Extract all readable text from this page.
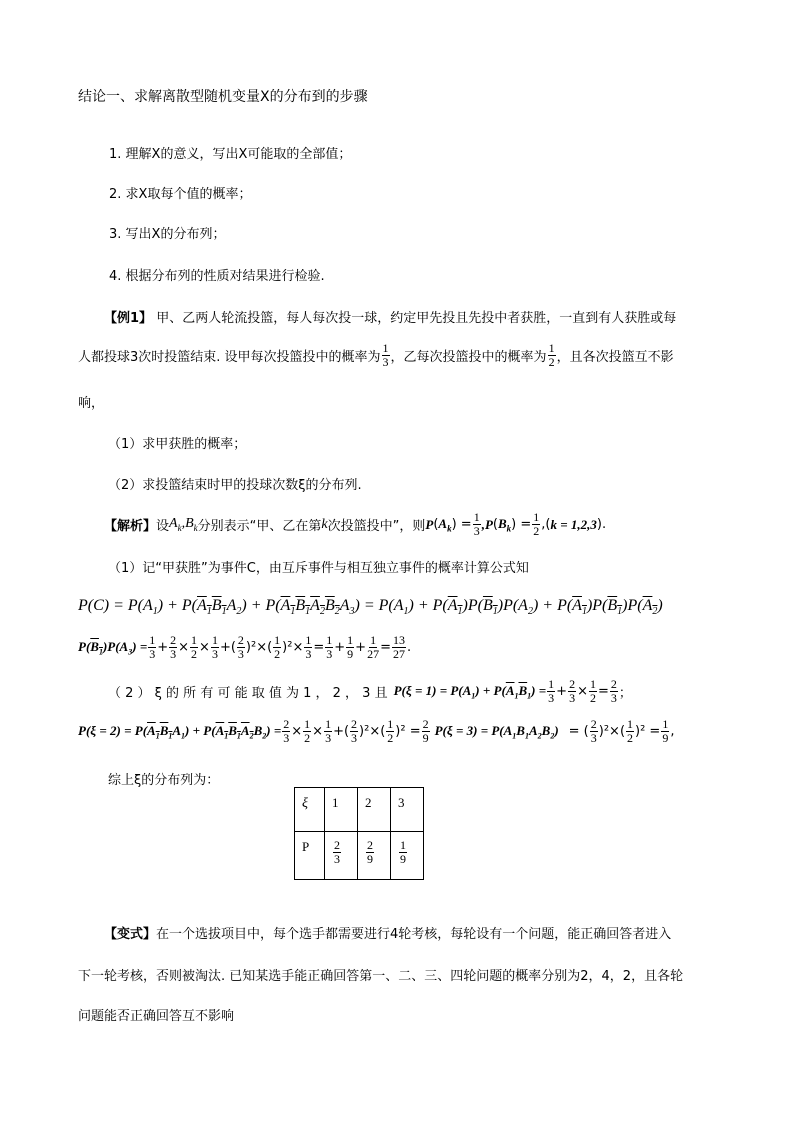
结论一、求解离散型随机变量X的分布到的步骤
1. 理解X的意义，写出X可能取的全部值；
2. 求X取每个值的概率；
3. 写出X的分布列；
4. 根据分布列的性质对结果进行检验.
【例1】 甲、乙两人轮流投篮，每人每次投一球，约定甲先投且先投中者获胜，一直到有人获胜或每
人都投球3次时投篮结束. 设甲每次投篮投中的概率为 $\frac{1}{3}$ ，乙每次投篮投中的概率为 $\frac{1}{2}$ ，且各次投篮互不影
响，
（1）求甲获胜的概率；
（2）求投篮结束时甲的投球次数ξ的分布列.
【解析】 设 $A_k,B_k$ 分别表示“甲、乙在第 k 次投篮投中”，则 P ( $A_k$ ) = $\frac{1}{3} ,P$ ( $B_k$ ) = $\frac{1}{2}$ ,( k = 1,2,3 ).
（1）记“甲获胜”为事件C，由互斥事件与相互独立事件的概率计算公式知
$P(C) = P(A_1) + P(A_1B_1A_2) + P(A_1B_1A_2B_2A_3) = P(A_1) + P(A_1)P(B_1)P(A_2) + P(A_1)P(B_1)P(A_2)$
$P(B_1)P(A_3) = \frac{1}{3} + \frac{2}{3} \times \frac{1}{2} \times \frac{1}{3}$ +( $\frac{2}{3} )^2\times( \frac{1}{2} )^2\times \frac{1}{3} = \frac{1}{3} + \frac{1}{9} + \frac{1}{27} = \frac{13}{27}$ .
（ 2 ） ξ 的 所 有 可 能 取 值 为 1 ， 2 ， 3 且 $P(\xi = 1) = P(A_1) + P(\overline{A}_1\overline{B}_1) = \frac{1}{3} + \frac{2}{3} \times \frac{1}{2} = \frac{2}{3}$ ；
$P(\xi = 2) = P(A_1B_1A_1) + P(A_1B_1A_2B_2) = \frac{2}{3} \times \frac{1}{2} \times \frac{1}{3}$ +( $\frac{2}{3} )^2\times( \frac{1}{2} )^2 = \frac{2}{9} P(\xi = 3) = P(A_1B_1A_2B_2)$ = ( $\frac{2}{3} )^2\times( \frac{1}{2} )^2 = \frac{1}{9}$ ,
综上ξ的分布列为：
ξ	1	2	3
P	$\frac{2}{3}$	$\frac{2}{9}$	$\frac{1}{9}$
【变式】在一个选拔项目中，每个选手都需要进行4轮考核，每轮设有一个问题，能正确回答者进入
下一轮考核，否则被淘汰. 已知某选手能正确回答第一、二、三、四轮问题的概率分别为2，4，2，且各轮
问题能否正确回答互不影响
